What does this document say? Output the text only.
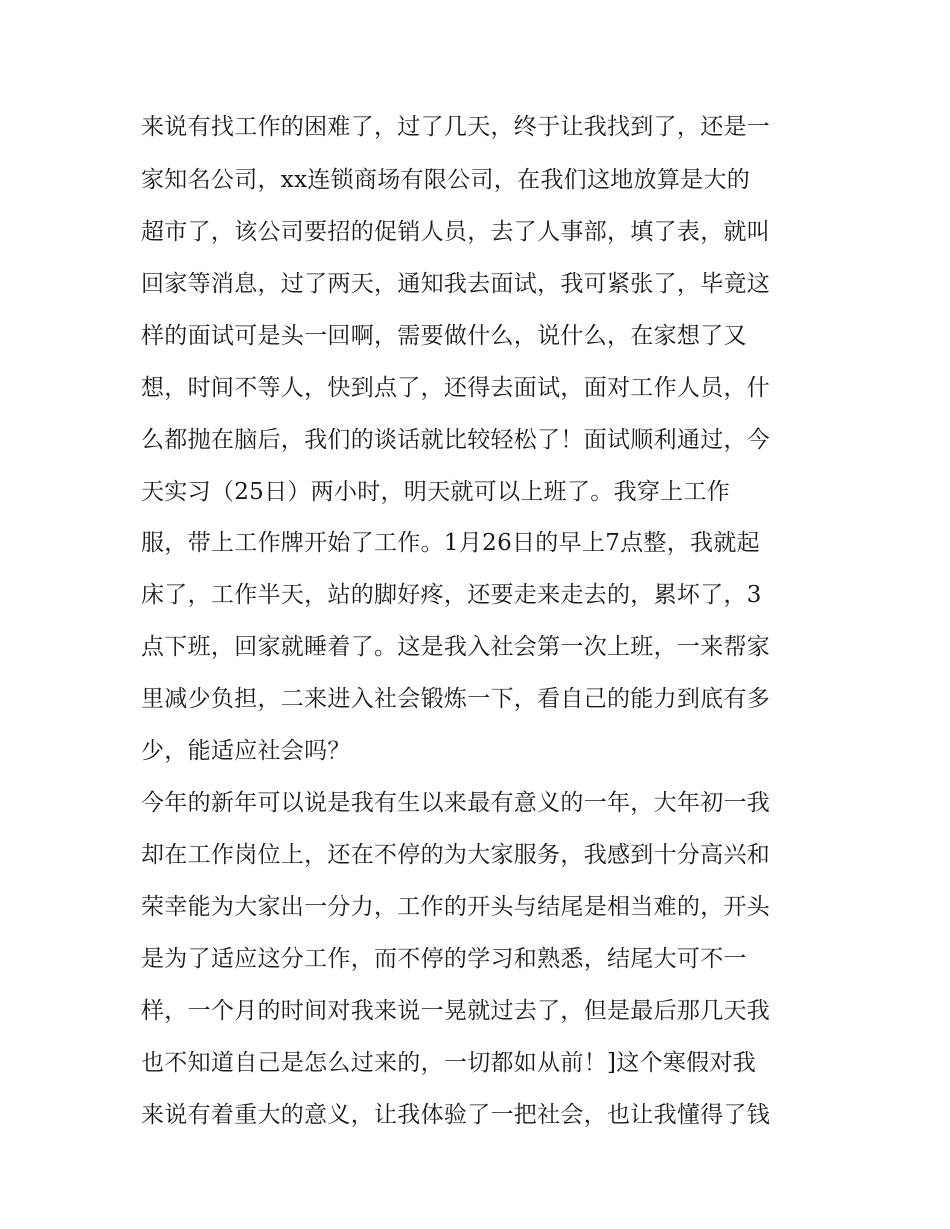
来说有找工作的困难了，过了几天，终于让我找到了，还是一
家知名公司，xx连锁商场有限公司，在我们这地放算是大的
超市了，该公司要招的促销人员，去了人事部，填了表，就叫
回家等消息，过了两天，通知我去面试，我可紧张了，毕竟这
样的面试可是头一回啊，需要做什么，说什么，在家想了又
想，时间不等人，快到点了，还得去面试，面对工作人员，什
么都抛在脑后，我们的谈话就比较轻松了！面试顺利通过，今
天实习（25日）两小时，明天就可以上班了。我穿上工作
服，带上工作牌开始了工作。1月26日的早上7点整，我就起
床了，工作半天，站的脚好疼，还要走来走去的，累坏了，3
点下班，回家就睡着了。这是我入社会第一次上班，一来帮家
里减少负担，二来进入社会锻炼一下，看自己的能力到底有多
少，能适应社会吗？
今年的新年可以说是我有生以来最有意义的一年，大年初一我
却在工作岗位上，还在不停的为大家服务，我感到十分高兴和
荣幸能为大家出一分力，工作的开头与结尾是相当难的，开头
是为了适应这分工作，而不停的学习和熟悉，结尾大可不一
样，一个月的时间对我来说一晃就过去了，但是最后那几天我
也不知道自己是怎么过来的，一切都如从前！]这个寒假对我
来说有着重大的意义，让我体验了一把社会，也让我懂得了钱
